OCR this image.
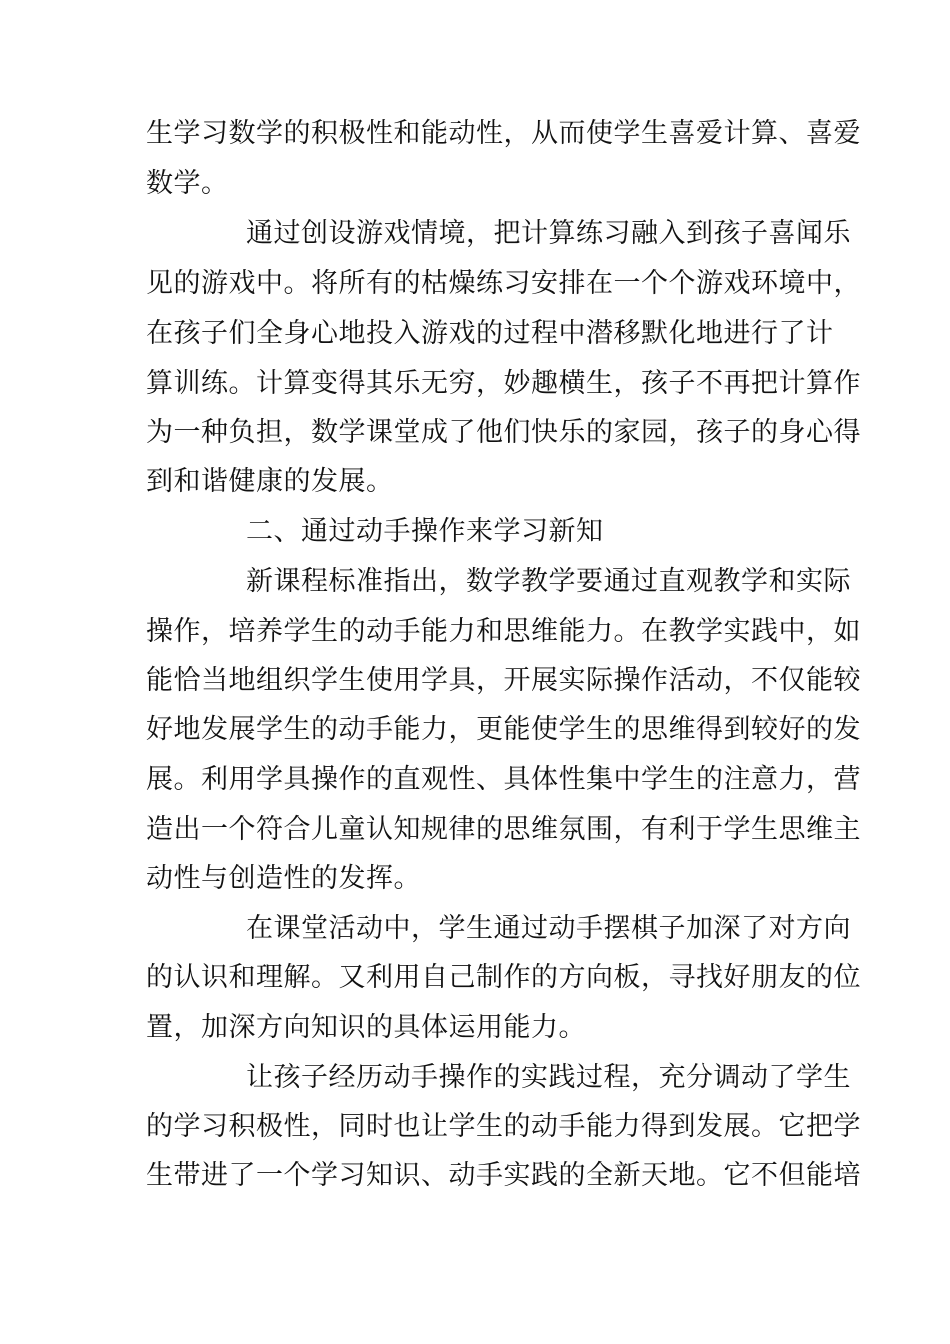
生学习数学的积极性和能动性，从而使学生喜爱计算、喜爱
数学。
通过创设游戏情境，把计算练习融入到孩子喜闻乐
见的游戏中。将所有的枯燥练习安排在一个个游戏环境中，
在孩子们全身心地投入游戏的过程中潜移默化地进行了计
算训练。计算变得其乐无穷，妙趣横生，孩子不再把计算作
为一种负担，数学课堂成了他们快乐的家园，孩子的身心得
到和谐健康的发展。
二、通过动手操作来学习新知
新课程标准指出，数学教学要通过直观教学和实际
操作，培养学生的动手能力和思维能力。在教学实践中，如
能恰当地组织学生使用学具，开展实际操作活动，不仅能较
好地发展学生的动手能力，更能使学生的思维得到较好的发
展。利用学具操作的直观性、具体性集中学生的注意力，营
造出一个符合儿童认知规律的思维氛围，有利于学生思维主
动性与创造性的发挥。
在课堂活动中，学生通过动手摆棋子加深了对方向
的认识和理解。又利用自己制作的方向板，寻找好朋友的位
置，加深方向知识的具体运用能力。
让孩子经历动手操作的实践过程，充分调动了学生
的学习积极性，同时也让学生的动手能力得到发展。它把学
生带进了一个学习知识、动手实践的全新天地。它不但能培
